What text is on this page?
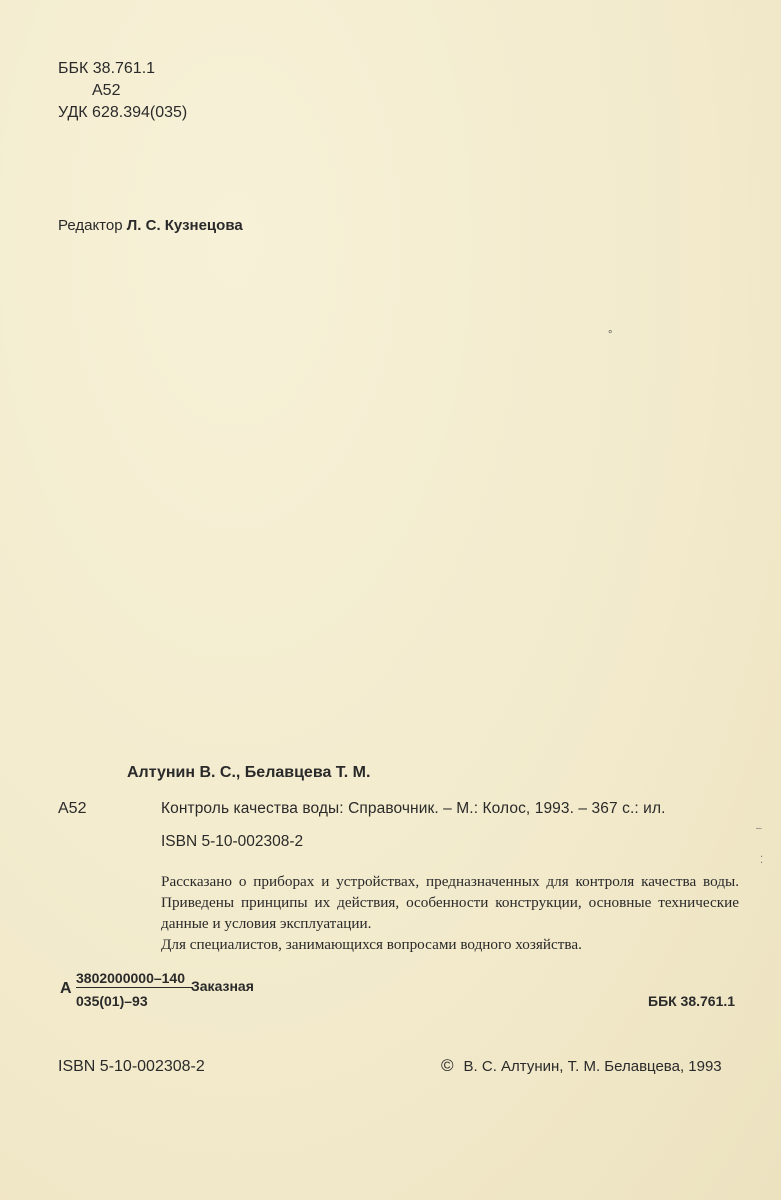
ББК 38.761.1
А52
УДК 628.394(035)
Редактор Л. С. Кузнецова
°
Алтунин В. С., Белавцева Т. М.
А52	Контроль качества воды: Справочник. – М.: Колос, 1993. – 367 с.: ил.
ISBN 5-10-002308-2

Рассказано о приборах и устройствах, предназначенных для контроля качества воды. Приведены принципы их действия, особенности конструкции, основные технические данные и условия эксплуатации.

Для специалистов, занимающихся вопросами водного хозяйства.

А
3802000000–140
035(01)–93
Заказная
ББК 38.761.1
ISBN 5-10-002308-2	© В. С. Алтунин, Т. М. Белавцева, 1993
–
⁚
